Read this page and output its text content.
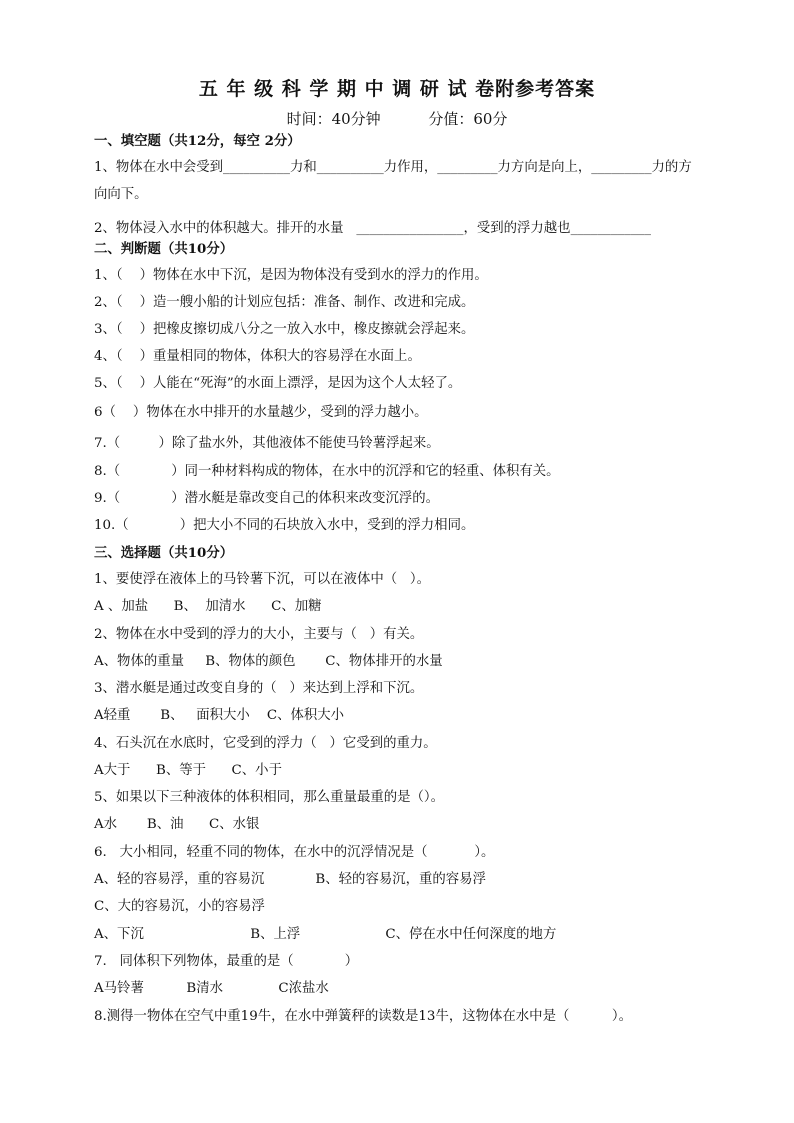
五 年 级 科 学 期 中 调 研 试 卷附参考答案
时间：40分钟          分值：60分
一、填空题（共12分，每空 2分）
1、物体在水中会受到__________力和__________力作用，_________力方向是向上，_________力的方
向向下。
2、物体浸入水中的体积越大。排开的水量   ________________，受到的浮力越也____________
二、判断题（共10分）
1、（    ）物体在水中下沉，是因为物体没有受到水的浮力的作用。
2、（    ）造一艘小船的计划应包括：准备、制作、改进和完成。
3、（    ）把橡皮擦切成八分之一放入水中，橡皮擦就会浮起来。
4、（    ）重量相同的物体，体积大的容易浮在水面上。
5、（    ）人能在“死海”的水面上漂浮，是因为这个人太轻了。
6（    ）物体在水中排开的水量越少，受到的浮力越小。
7.（         ）除了盐水外，其他液体不能使马铃薯浮起来。
8.（            ）同一种材料构成的物体，在水中的沉浮和它的轻重、体积有关。
9.（            ）潜水艇是靠改变自己的体积来改变沉浮的。
10.（            ）把大小不同的石块放入水中，受到的浮力相同。
三、选择题（共10分）
1、要使浮在液体上的马铃薯下沉，可以在液体中（   ）。
A 、加盐      B、  加清水      C、加糖
2、物体在水中受到的浮力的大小，主要与（   ）有关。
A、物体的重量     B、物体的颜色       C、物体排开的水量
3、潜水艇是通过改变自身的（   ）来达到上浮和下沉。
A轻重       B、   面积大小    C、体积大小
4、石头沉在水底时，它受到的浮力（   ）它受到的重力。
A大于      B、等于      C、小于
5、如果以下三种液体的体积相同，那么重量最重的是（）。
A水       B、油      C、水银
6.   大小相同，轻重不同的物体，在水中的沉浮情况是（           ）。
A、轻的容易浮，重的容易沉            B、轻的容易沉，重的容易浮
C、大的容易沉，小的容易浮
A、下沉                         B、上浮                    C、停在水中任何深度的地方
7.   同体积下列物体，最重的是（            ）
A马铃薯          B清水             C浓盐水
8.测得一物体在空气中重19牛，在水中弹簧秤的读数是13牛，这物体在水中是（          ）。
